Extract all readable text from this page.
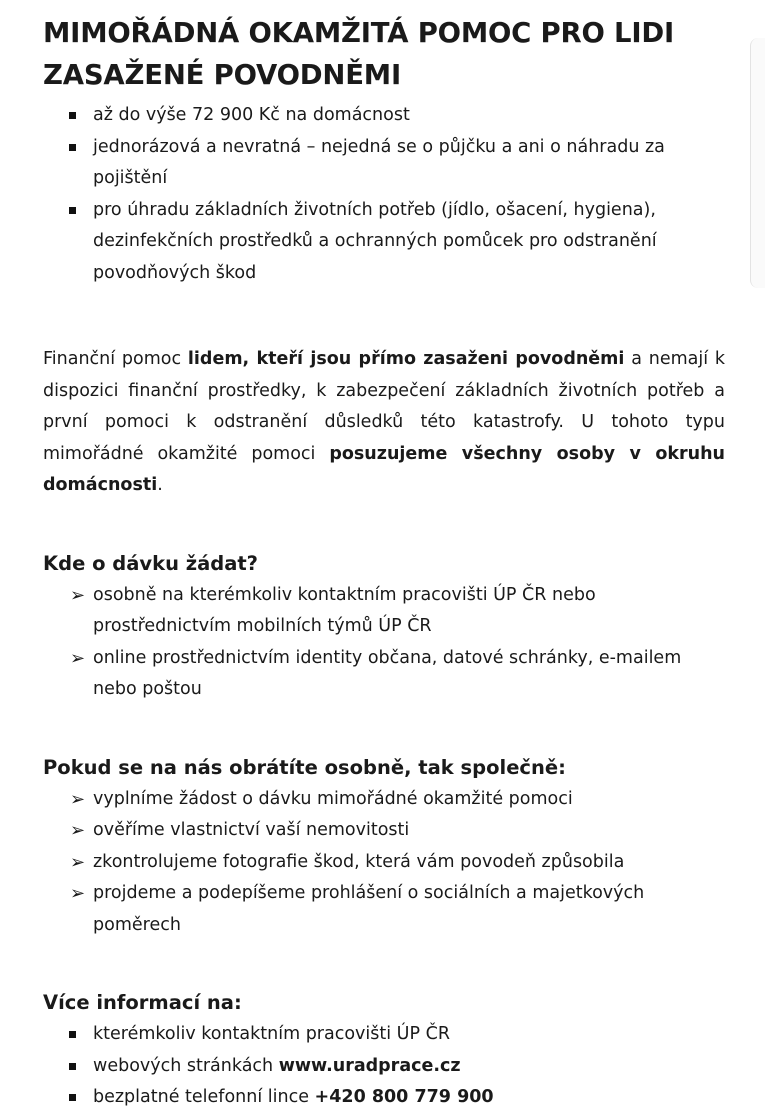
MIMOŘÁDNÁ OKAMŽITÁ POMOC PRO LIDI ZASAŽENÉ POVODNĚMI
až do výše 72 900 Kč na domácnost
jednorázová a nevratná – nejedná se o půjčku a ani o náhradu za pojištění
pro úhradu základních životních potřeb (jídlo, ošacení, hygiena), dezinfekčních prostředků a ochranných pomůcek pro odstranění povodňových škod

Finanční pomoc lidem, kteří jsou přímo zasaženi povodněmi a nemají k dispozici finanční prostředky, k zabezpečení základních životních potřeb a první pomoci k odstranění důsledků této katastrofy. U tohoto typu mimořádné okamžité pomoci posuzujeme všechny osoby v okruhu domácnosti.

Kde o dávku žádat?
➢ osobně na kterémkoliv kontaktním pracovišti ÚP ČR nebo prostřednictvím mobilních týmů ÚP ČR
➢ online prostřednictvím identity občana, datové schránky, e-mailem nebo poštou
Pokud se na nás obrátíte osobně, tak společně:
➢ vyplníme žádost o dávku mimořádné okamžité pomoci
➢ ověříme vlastnictví vaší nemovitosti
➢ zkontrolujeme fotografie škod, která vám povodeň způsobila
➢ projdeme a podepíšeme prohlášení o sociálních a majetkových poměrech
Více informací na:
kterémkoliv kontaktním pracovišti ÚP ČR
webových stránkách www.uradprace.cz
bezplatné telefonní lince +420 800 779 900
